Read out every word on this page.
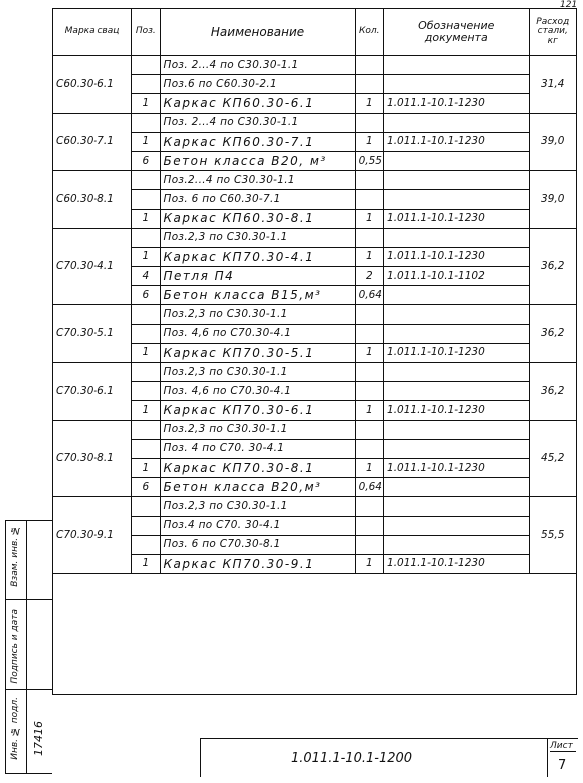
121
Марка свац	Поз.	Наименование	Кол.	Обозначение документа	Расход стали, кг
С60.30-6.1		Поз. 2...4 по С30.30-1.1			31,4
		Поз.6 по С60.30-2.1			
	1	Каркас КП60.30-6.1	1	1.011.1-10.1-1230	
С60.30-7.1		Поз. 2...4 по С30.30-1.1			39,0
	1	Каркас КП60.30-7.1	1	1.011.1-10.1-1230	
	6	Бетон класса В20, м³	0,55		
С60.30-8.1		Поз.2...4 по С30.30-1.1			39,0
		Поз. 6 по С60.30-7.1			
	1	Каркас КП60.30-8.1	1	1.011.1-10.1-1230	
С70.30-4.1		Поз.2,3 по С30.30-1.1			36,2
	1	Каркас КП70.30-4.1	1	1.011.1-10.1-1230	
	4	Петля П4	2	1.011.1-10.1-1102	
	6	Бетон класса В15,м³	0,64		
С70.30-5.1		Поз.2,3 по С30.30-1.1			36,2
		Поз. 4,6 по С70.30-4.1			
	1	Каркас КП70.30-5.1	1	1.011.1-10.1-1230	
С70.30-6.1		Поз.2,3 по С30.30-1.1			36,2
		Поз. 4,6 по С70.30-4.1			
	1	Каркас КП70.30-6.1	1	1.011.1-10.1-1230	
С70.30-8.1		Поз.2,3 по С30.30-1.1			45,2
		Поз. 4 по С70. 30-4.1			
	1	Каркас КП70.30-8.1	1	1.011.1-10.1-1230	
	6	Бетон класса В20,м³	0,64		
С70.30-9.1		Поз.2,3 по С30.30-1.1			55,5
		Поз.4 по С70. 30-4.1			
		Поз. 6 по С70.30-8.1			
	1	Каркас КП70.30-9.1	1	1.011.1-10.1-1230	

Взам. инв. №
Подпись и дата
Инв. № подл. 17416
1.011.1-10.1-1200
Лист
7
